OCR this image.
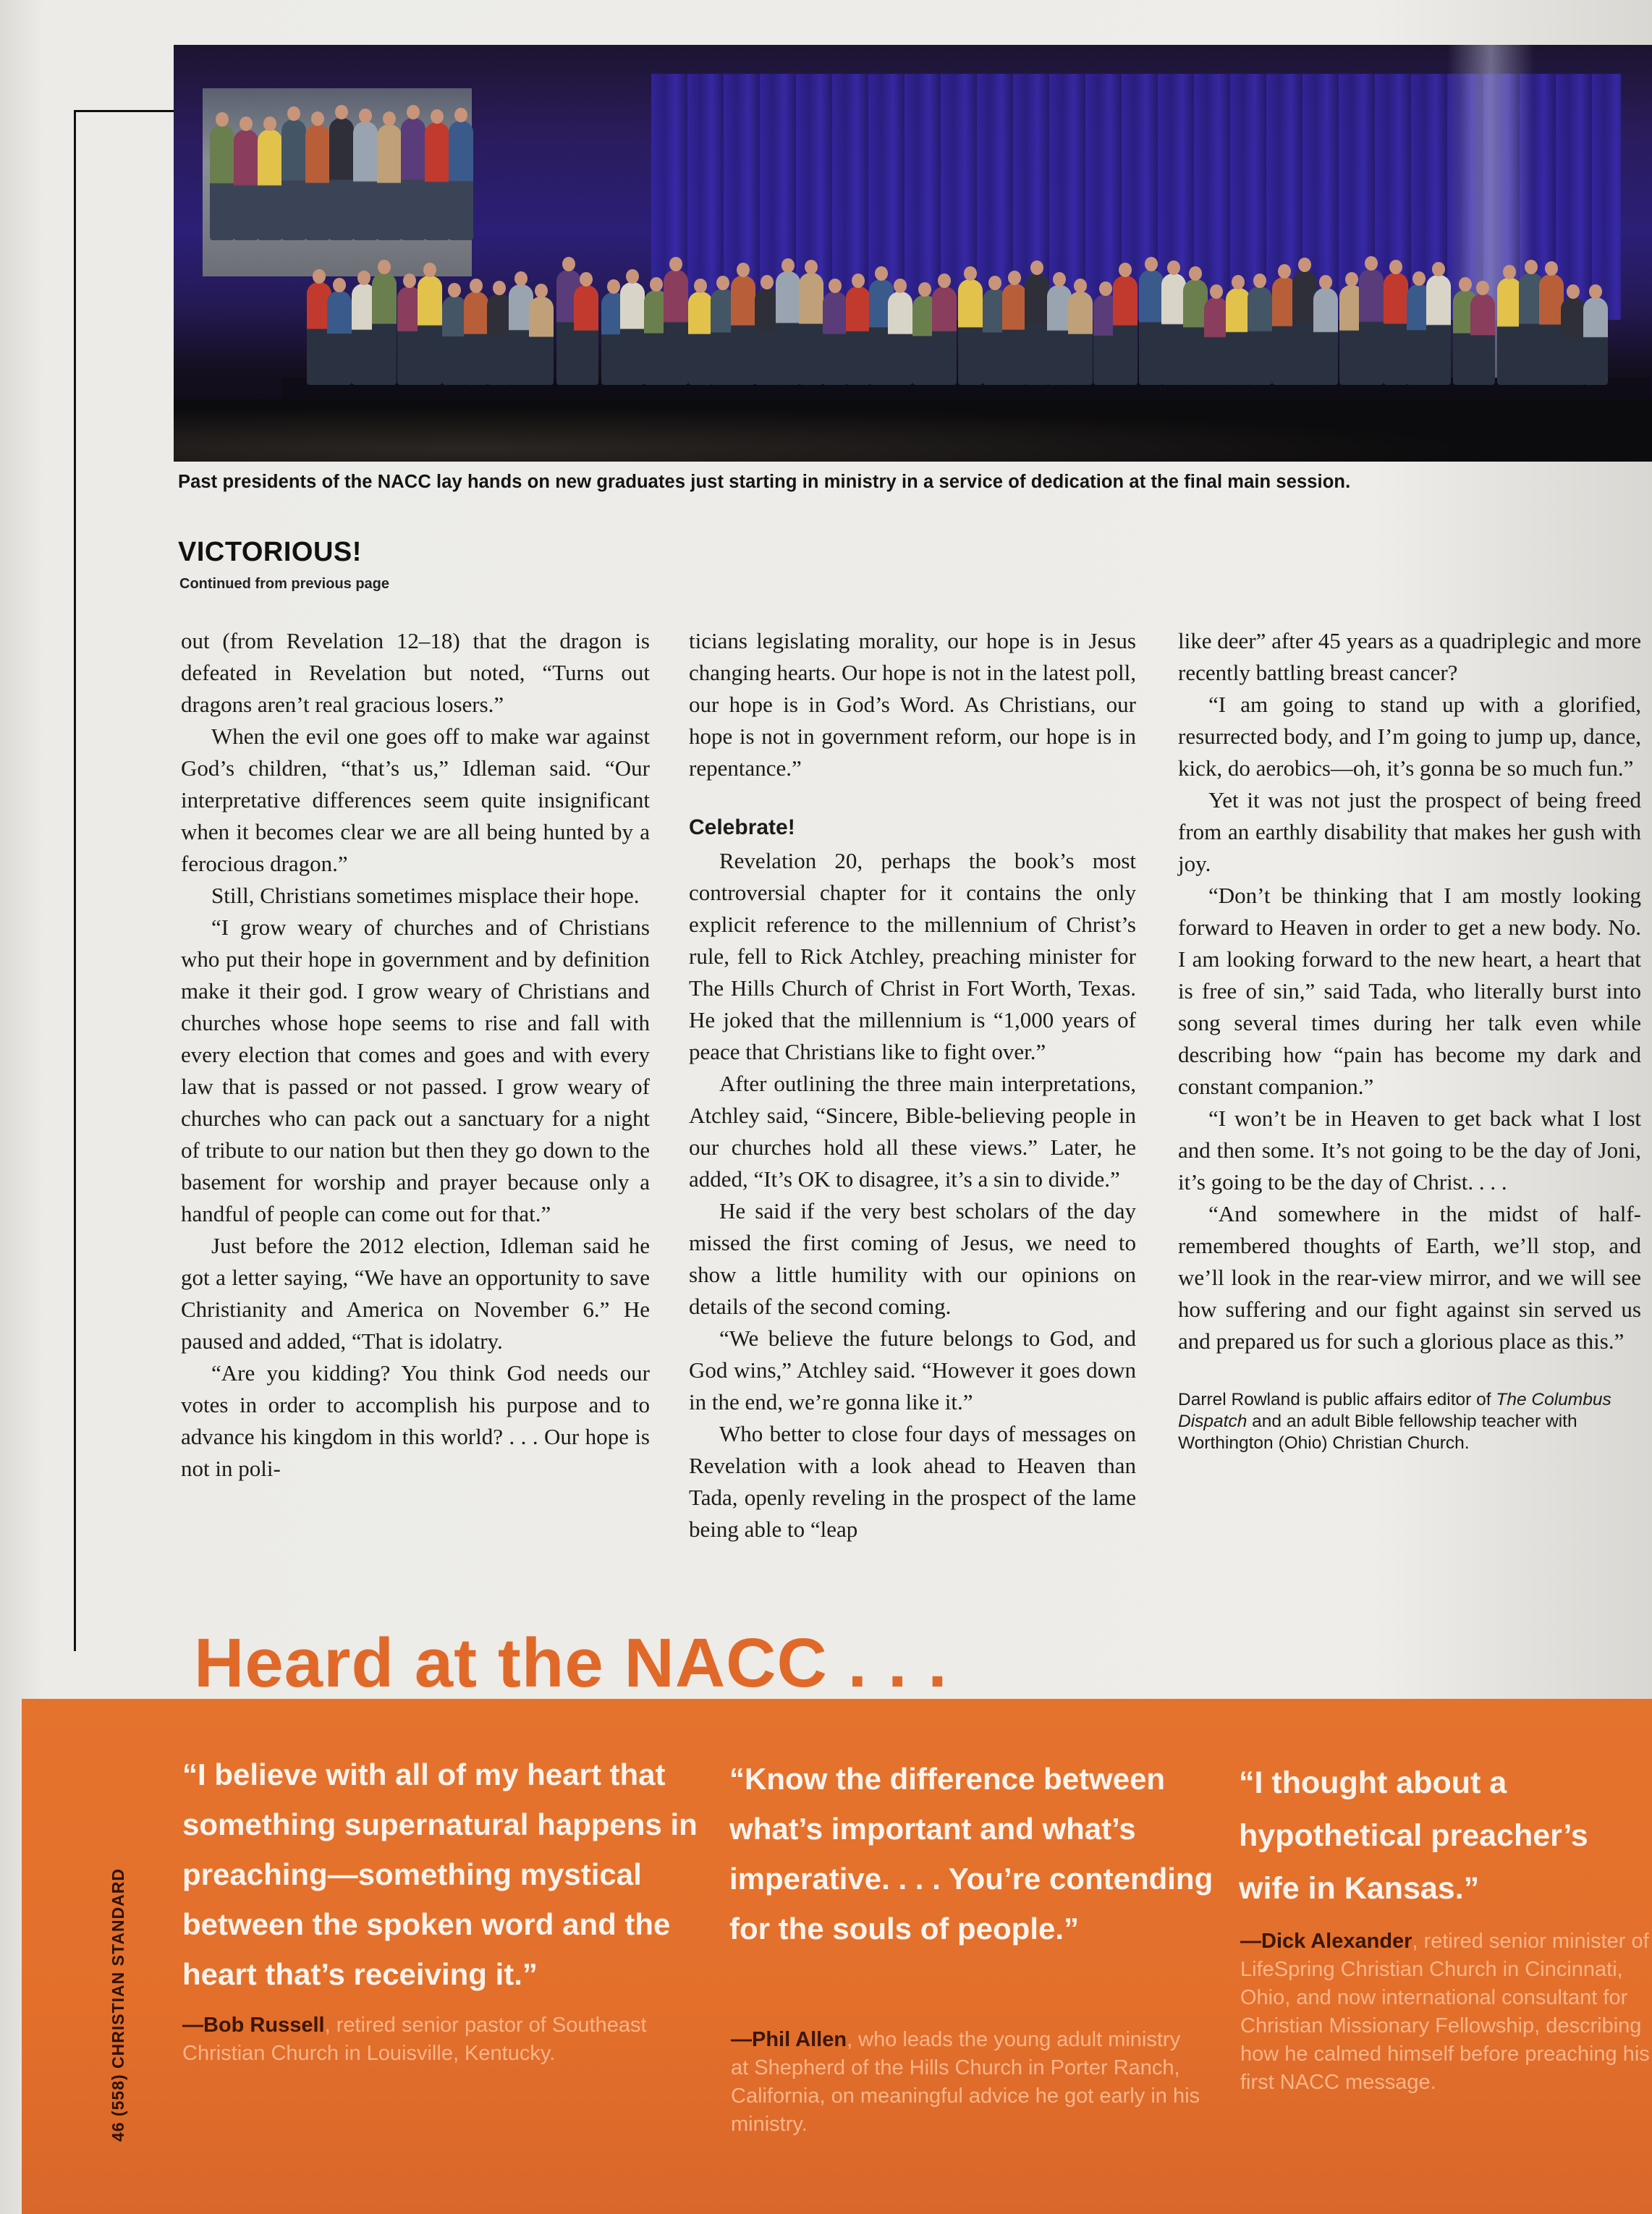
Past presidents of the NACC lay hands on new graduates just starting in ministry in a service of dedication at the final main session.
VICTORIOUS!
Continued from previous page

out (from Revelation 12–18) that the dragon is defeated in Revelation but noted, “Turns out dragons aren’t real gracious losers.”

When the evil one goes off to make war against God’s children, “that’s us,” Idleman said. “Our interpretative differences seem quite insignificant when it becomes clear we are all being hunted by a ferocious dragon.”

Still, Christians sometimes misplace their hope.

“I grow weary of churches and of Christians who put their hope in government and by definition make it their god. I grow weary of Christians and churches whose hope seems to rise and fall with every election that comes and goes and with every law that is passed or not passed. I grow weary of churches who can pack out a sanctuary for a night of tribute to our nation but then they go down to the basement for worship and prayer because only a handful of people can come out for that.”

Just before the 2012 election, Idleman said he got a letter saying, “We have an opportunity to save Christianity and America on November 6.” He paused and added, “That is idolatry.

“Are you kidding? You think God needs our votes in order to accomplish his purpose and to advance his kingdom in this world? . . . Our hope is not in poli-

ticians legislating morality, our hope is in Jesus changing hearts. Our hope is not in the latest poll, our hope is in God’s Word. As Christians, our hope is not in government reform, our hope is in repentance.”

Celebrate!

Revelation 20, perhaps the book’s most controversial chapter for it contains the only explicit reference to the millennium of Christ’s rule, fell to Rick Atchley, preaching minister for The Hills Church of Christ in Fort Worth, Texas. He joked that the millennium is “1,000 years of peace that Christians like to fight over.”

After outlining the three main interpretations, Atchley said, “Sincere, Bible-believing people in our churches hold all these views.” Later, he added, “It’s OK to disagree, it’s a sin to divide.”

He said if the very best scholars of the day missed the first coming of Jesus, we need to show a little humility with our opinions on details of the second coming.

“We believe the future belongs to God, and God wins,” Atchley said. “However it goes down in the end, we’re gonna like it.”

Who better to close four days of messages on Revelation with a look ahead to Heaven than Tada, openly reveling in the prospect of the lame being able to “leap

like deer” after 45 years as a quadriplegic and more recently battling breast cancer?

“I am going to stand up with a glorified, resurrected body, and I’m going to jump up, dance, kick, do aerobics—oh, it’s gonna be so much fun.”

Yet it was not just the prospect of being freed from an earthly disability that makes her gush with joy.

“Don’t be thinking that I am mostly looking forward to Heaven in order to get a new body. No. I am looking forward to the new heart, a heart that is free of sin,” said Tada, who literally burst into song several times during her talk even while describing how “pain has become my dark and constant companion.”

“I won’t be in Heaven to get back what I lost and then some. It’s not going to be the day of Joni, it’s going to be the day of Christ. . . .

“And somewhere in the midst of half-remembered thoughts of Earth, we’ll stop, and we’ll look in the rear-view mirror, and we will see how suffering and our fight against sin served us and prepared us for such a glorious place as this.”

Darrel Rowland is public affairs editor of The Columbus Dispatch and an adult Bible fellowship teacher with Worthington (Ohio) Christian Church.
Heard at the NACC . . .
46 (558) CHRISTIAN STANDARD
“I believe with all of my heart that something supernatural happens in preaching—something mystical between the spoken word and the heart that’s receiving it.”
—Bob Russell, retired senior pastor of Southeast Christian Church in Louisville, Kentucky.
“Know the difference between what’s important and what’s imperative. . . . You’re contending for the souls of people.”
—Phil Allen, who leads the young adult ministry at Shepherd of the Hills Church in Porter Ranch, California, on meaningful advice he got early in his ministry.
“I thought about a hypothetical preacher’s wife in Kansas.”
—Dick Alexander, retired senior minister of LifeSpring Christian Church in Cincinnati, Ohio, and now international consultant for Christian Missionary Fellowship, describing how he calmed himself before preaching his first NACC message.
